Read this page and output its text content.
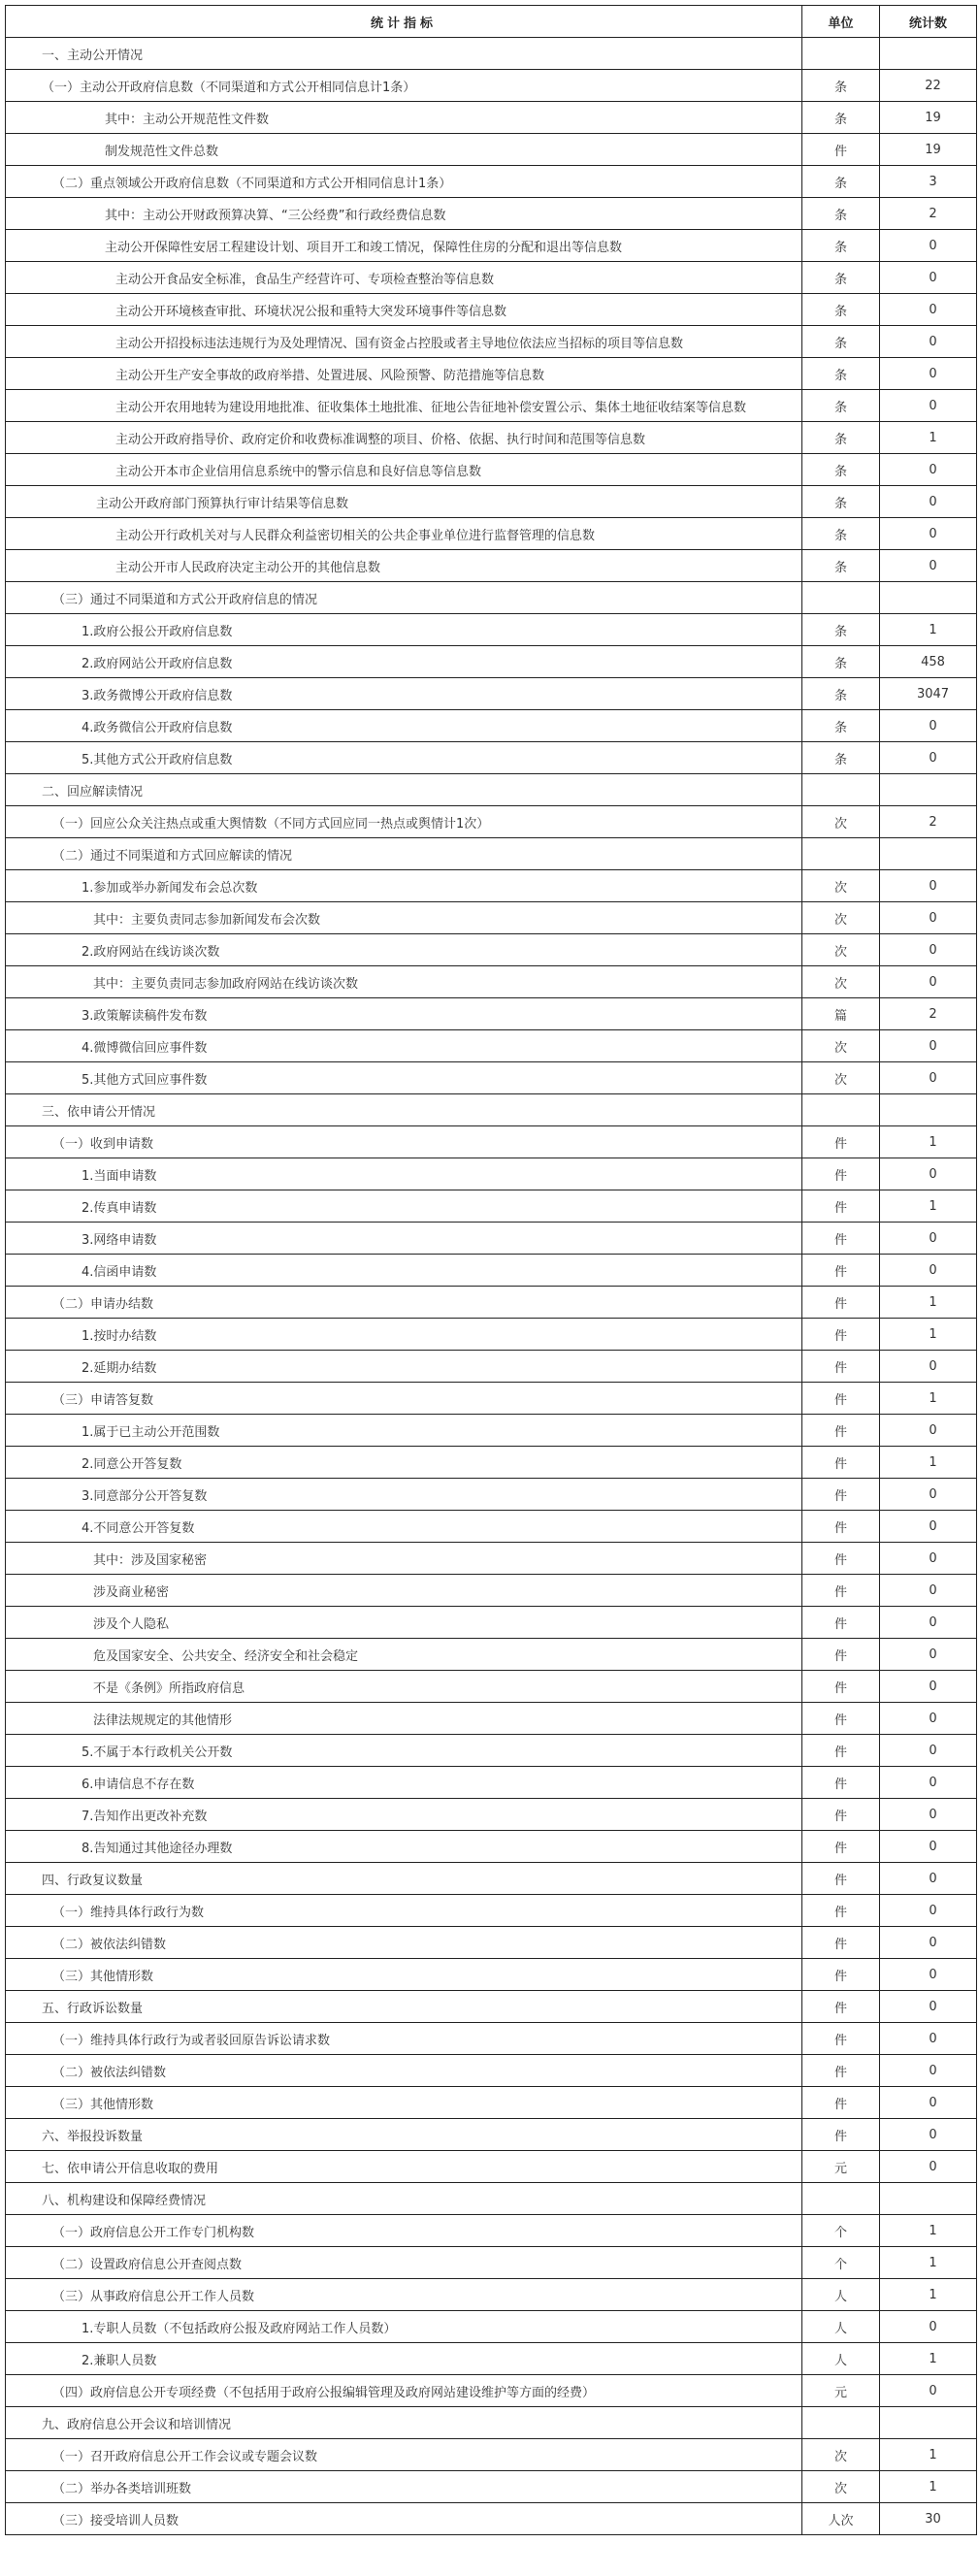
统计指标	单位	统计数
一、主动公开情况		
（一）主动公开政府信息数（不同渠道和方式公开相同信息计1条）	条	22
其中：主动公开规范性文件数	条	19
制发规范性文件总数	件	19
（二）重点领域公开政府信息数（不同渠道和方式公开相同信息计1条）	条	3
其中：主动公开财政预算决算、“三公经费”和行政经费信息数	条	2
主动公开保障性安居工程建设计划、项目开工和竣工情况，保障性住房的分配和退出等信息数	条	0
主动公开食品安全标准，食品生产经营许可、专项检查整治等信息数	条	0
主动公开环境核查审批、环境状况公报和重特大突发环境事件等信息数	条	0
主动公开招投标违法违规行为及处理情况、国有资金占控股或者主导地位依法应当招标的项目等信息数	条	0
主动公开生产安全事故的政府举措、处置进展、风险预警、防范措施等信息数	条	0
主动公开农用地转为建设用地批准、征收集体土地批准、征地公告征地补偿安置公示、集体土地征收结案等信息数	条	0
主动公开政府指导价、政府定价和收费标准调整的项目、价格、依据、执行时间和范围等信息数	条	1
主动公开本市企业信用信息系统中的警示信息和良好信息等信息数	条	0
主动公开政府部门预算执行审计结果等信息数	条	0
主动公开行政机关对与人民群众利益密切相关的公共企事业单位进行监督管理的信息数	条	0
主动公开市人民政府决定主动公开的其他信息数	条	0
（三）通过不同渠道和方式公开政府信息的情况		
1.政府公报公开政府信息数	条	1
2.政府网站公开政府信息数	条	458
3.政务微博公开政府信息数	条	3047
4.政务微信公开政府信息数	条	0
5.其他方式公开政府信息数	条	0
二、回应解读情况		
（一）回应公众关注热点或重大舆情数（不同方式回应同一热点或舆情计1次）	次	2
（二）通过不同渠道和方式回应解读的情况		
1.参加或举办新闻发布会总次数	次	0
其中：主要负责同志参加新闻发布会次数	次	0
2.政府网站在线访谈次数	次	0
其中：主要负责同志参加政府网站在线访谈次数	次	0
3.政策解读稿件发布数	篇	2
4.微博微信回应事件数	次	0
5.其他方式回应事件数	次	0
三、依申请公开情况		
（一）收到申请数	件	1
1.当面申请数	件	0
2.传真申请数	件	1
3.网络申请数	件	0
4.信函申请数	件	0
（二）申请办结数	件	1
1.按时办结数	件	1
2.延期办结数	件	0
（三）申请答复数	件	1
1.属于已主动公开范围数	件	0
2.同意公开答复数	件	1
3.同意部分公开答复数	件	0
4.不同意公开答复数	件	0
其中：涉及国家秘密	件	0
涉及商业秘密	件	0
涉及个人隐私	件	0
危及国家安全、公共安全、经济安全和社会稳定	件	0
不是《条例》所指政府信息	件	0
法律法规规定的其他情形	件	0
5.不属于本行政机关公开数	件	0
6.申请信息不存在数	件	0
7.告知作出更改补充数	件	0
8.告知通过其他途径办理数	件	0
四、行政复议数量	件	0
（一）维持具体行政行为数	件	0
（二）被依法纠错数	件	0
（三）其他情形数	件	0
五、行政诉讼数量	件	0
（一）维持具体行政行为或者驳回原告诉讼请求数	件	0
（二）被依法纠错数	件	0
（三）其他情形数	件	0
六、举报投诉数量	件	0
七、依申请公开信息收取的费用	元	0
八、机构建设和保障经费情况		
（一）政府信息公开工作专门机构数	个	1
（二）设置政府信息公开查阅点数	个	1
（三）从事政府信息公开工作人员数	人	1
1.专职人员数（不包括政府公报及政府网站工作人员数）	人	0
2.兼职人员数	人	1
（四）政府信息公开专项经费（不包括用于政府公报编辑管理及政府网站建设维护等方面的经费）	元	0
九、政府信息公开会议和培训情况		
（一）召开政府信息公开工作会议或专题会议数	次	1
（二）举办各类培训班数	次	1
（三）接受培训人员数	人次	30
